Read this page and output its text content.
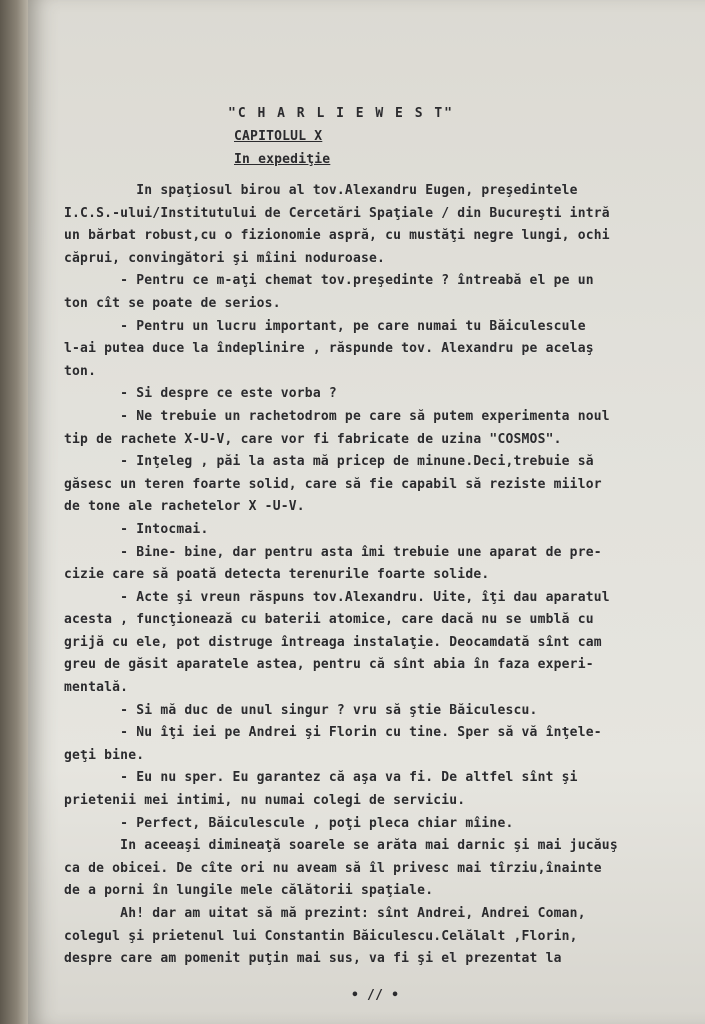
"C H A R L I E W E S T"
CAPITOLUL X
In expediţie
In spaţiosul birou al tov.Alexandru Eugen, preşedintele
I.C.S.-ului/Institutului de Cercetări Spaţiale / din Bucureşti intră
un bărbat robust,cu o fizionomie aspră, cu mustăţi negre lungi, ochi
căprui, convingători şi mîini noduroase.
- Pentru ce m-aţi chemat tov.preşedinte ? întreabă el pe un
ton cît se poate de serios.
- Pentru un lucru important, pe care numai tu Băiculescule
l-ai putea duce la îndeplinire , răspunde tov. Alexandru pe acelaş
ton.
- Si despre ce este vorba ?
- Ne trebuie un rachetodrom pe care să putem experimenta noul
tip de rachete X-U-V, care vor fi fabricate de uzina "COSMOS".
- Inţeleg , păi la asta mă pricep de minune.Deci,trebuie să
găsesc un teren foarte solid, care să fie capabil să reziste miilor
de tone ale rachetelor X -U-V.
- Intocmai.
- Bine- bine, dar pentru asta îmi trebuie une aparat de pre-
cizie care să poată detecta terenurile foarte solide.
- Acte şi vreun răspuns tov.Alexandru. Uite, îţi dau aparatul
acesta , funcţionează cu baterii atomice, care dacă nu se umblă cu
grijă cu ele, pot distruge întreaga instalaţie. Deocamdată sînt cam
greu de găsit aparatele astea, pentru că sînt abia în faza experi-
mentală.
- Si mă duc de unul singur ? vru să ştie Băiculescu.
- Nu îţi iei pe Andrei şi Florin cu tine. Sper să vă înţele-
geţi bine.
- Eu nu sper. Eu garantez că aşa va fi. De altfel sînt şi
prietenii mei intimi, nu numai colegi de serviciu.
- Perfect, Băiculescule , poţi pleca chiar mîine.
In aceeaşi dimineaţă soarele se arăta mai darnic şi mai jucăuş
ca de obicei. De cîte ori nu aveam să îl privesc mai tîrziu,înainte
de a porni în lungile mele călătorii spaţiale.
Ah! dar am uitat să mă prezint: sînt Andrei, Andrei Coman,
colegul şi prietenul lui Constantin Băiculescu.Celălalt ,Florin,
despre care am pomenit puţin mai sus, va fi şi el prezentat la
• // •
